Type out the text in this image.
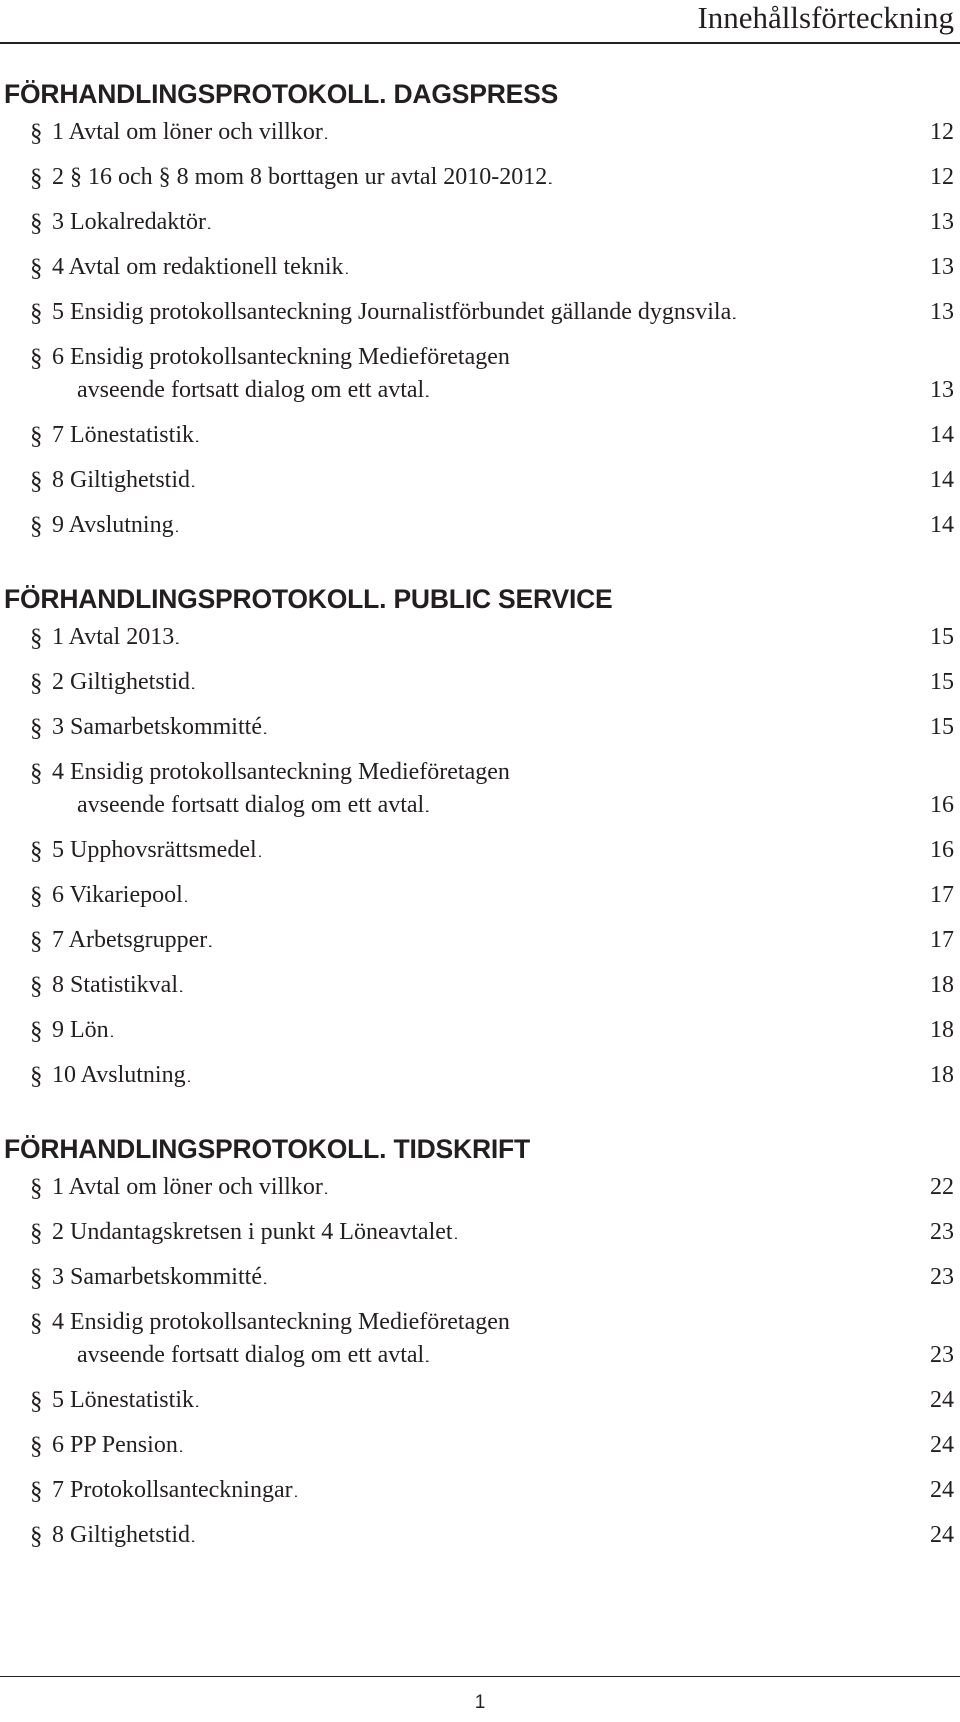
Innehållsförteckning
FÖRHANDLINGSPROTOKOLL. DAGSPRESS
§ 1 Avtal om löner och villkor . . .	12
§ 2 § 16 och § 8 mom 8 borttagen ur avtal 2010-2012 . . .	12
§ 3 Lokalredaktör . . .	13
§ 4 Avtal om redaktionell teknik . . .	13
§ 5 Ensidig protokollsanteckning Journalistförbundet gällande dygnsvila . . .	13
§ 6 Ensidig protokollsanteckning Medieföretagen
avseende fortsatt dialog om ett avtal . . .	13
§ 7 Lönestatistik . . .	14
§ 8 Giltighetstid . . .	14
§ 9 Avslutning . . .	14
FÖRHANDLINGSPROTOKOLL. PUBLIC SERVICE
§ 1 Avtal 2013 . . .	15
§ 2 Giltighetstid . . .	15
§ 3 Samarbetskommitté . . .	15
§ 4 Ensidig protokollsanteckning Medieföretagen
avseende fortsatt dialog om ett avtal . . .	16
§ 5 Upphovsrättsmedel . . .	16
§ 6 Vikariepool . . .	17
§ 7 Arbetsgrupper . . .	17
§ 8 Statistikval . . .	18
§ 9 Lön . . .	18
§ 10 Avslutning . . .	18
FÖRHANDLINGSPROTOKOLL. TIDSKRIFT
§ 1 Avtal om löner och villkor . . .	22
§ 2 Undantagskretsen i punkt 4 Löneavtalet . . .	23
§ 3 Samarbetskommitté . . .	23
§ 4 Ensidig protokollsanteckning Medieföretagen
avseende fortsatt dialog om ett avtal . . .	23
§ 5 Lönestatistik . . .	24
§ 6 PP Pension . . .	24
§ 7 Protokollsanteckningar . . .	24
§ 8 Giltighetstid . . .	24
1
